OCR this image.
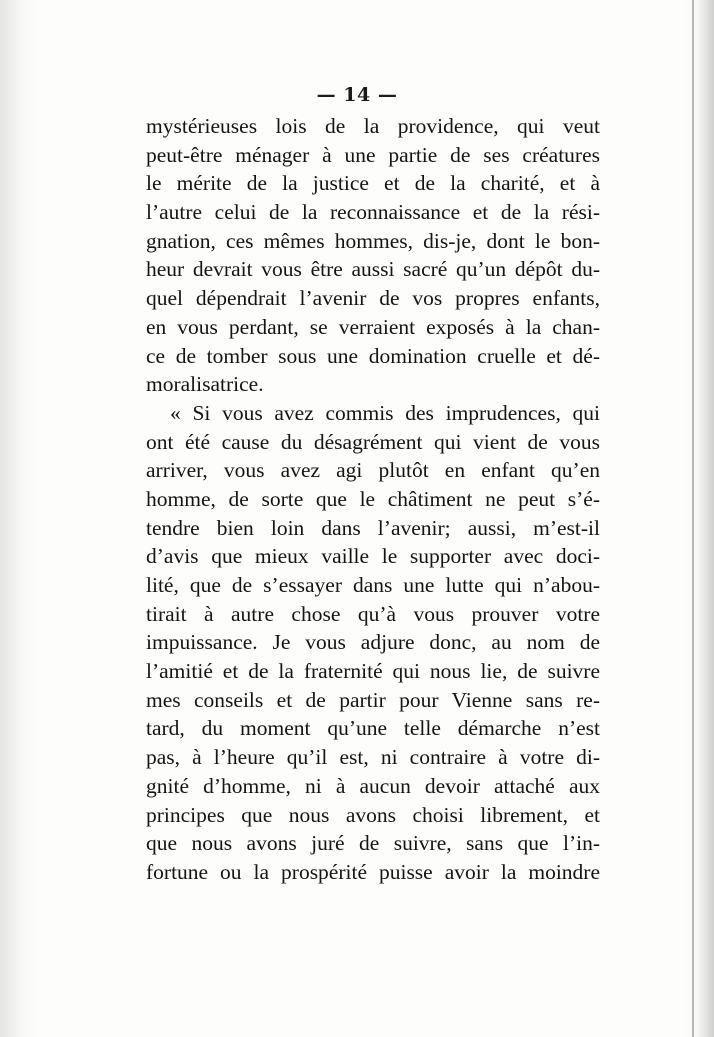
— 14 —
mystérieuses lois de la providence, qui veut
peut-être ménager à une partie de ses créatures
le mérite de la justice et de la charité, et à
l’autre celui de la reconnaissance et de la rési-
gnation, ces mêmes hommes, dis-je, dont le bon-
heur devrait vous être aussi sacré qu’un dépôt du-
quel dépendrait l’avenir de vos propres enfants,
en vous perdant, se verraient exposés à la chan-
ce de tomber sous une domination cruelle et dé-
moralisatrice.
« Si vous avez commis des imprudences, qui
ont été cause du désagrément qui vient de vous
arriver, vous avez agi plutôt en enfant qu’en
homme, de sorte que le châtiment ne peut s’é-
tendre bien loin dans l’avenir; aussi, m’est-il
d’avis que mieux vaille le supporter avec doci-
lité, que de s’essayer dans une lutte qui n’abou-
tirait à autre chose qu’à vous prouver votre
impuissance. Je vous adjure donc, au nom de
l’amitié et de la fraternité qui nous lie, de suivre
mes conseils et de partir pour Vienne sans re-
tard, du moment qu’une telle démarche n’est
pas, à l’heure qu’il est, ni contraire à votre di-
gnité d’homme, ni à aucun devoir attaché aux
principes que nous avons choisi librement, et
que nous avons juré de suivre, sans que l’in-
fortune ou la prospérité puisse avoir la moindre
